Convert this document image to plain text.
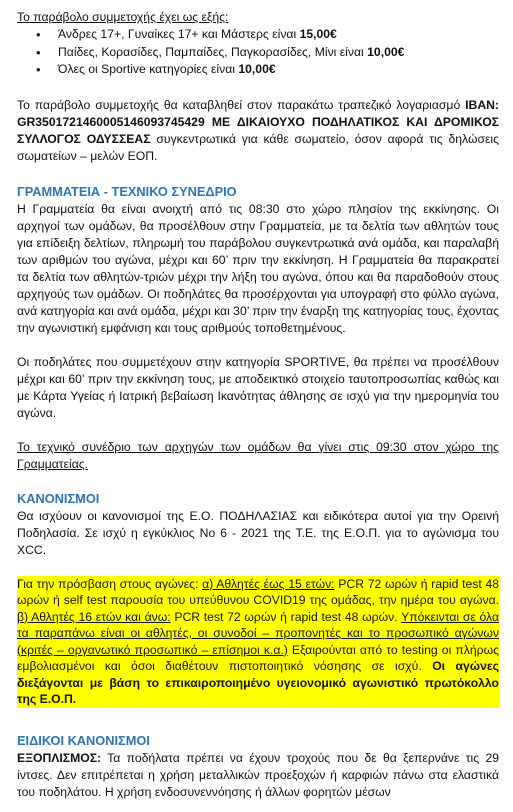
Το παράβολο συμμετοχής έχει ως εξής:

• Άνδρες 17+, Γυναίκες 17+ και Μάστερς είναι 15,00€
• Παίδες, Κορασίδες, Παμπαίδες, Παγκορασίδες, Μίνι είναι 10,00€
• Όλες οι Sportive κατηγορίες είναι 10,00€

Το παράβολο συμμετοχής θα καταβληθεί στον παρακάτω τραπεζικό λογαριασμό IBAN: GR3501721460005146093745429 ΜΕ ΔΙΚΑΙΟΥΧΟ ΠΟΔΗΛΑΤΙΚΟΣ ΚΑΙ ΔΡΟΜΙΚΟΣ ΣΥΛΛΟΓΟΣ ΟΔΥΣΣΕΑΣ συγκεντρωτικά για κάθε σωματείο, όσον αφορά τις δηλώσεις σωματείων – μελών ΕΟΠ.

ΓΡΑΜΜΑΤΕΙΑ - ΤΕΧΝΙΚΟ ΣΥΝΕΔΡΙΟ

Η Γραμματεία θα είναι ανοιχτή από τις 08:30 στο χώρο πλησίον της εκκίνησης. Οι αρχηγοί των ομάδων, θα προσέλθουν στην Γραμματεία, με τα δελτία των αθλητών τους για επίδειξη δελτίων, πληρωμή του παράβολου συγκεντρωτικά ανά ομάδα, και παραλαβή των αριθμών του αγώνα, μέχρι και 60’ πριν την εκκίνηση. Η Γραμματεία θα παρακρατεί τα δελτία των αθλητών-τριών μέχρι την λήξη του αγώνα, όπου και θα παραδοθούν στους αρχηγούς των ομάδων. Οι ποδηλάτες θα προσέρχονται για υπογραφή στο φύλλο αγώνα, ανά κατηγορία και ανά ομάδα, μέχρι και 30’ πριν την έναρξη της κατηγορίας τους, έχοντας την αγωνιστική εμφάνιση και τους αριθμούς τοποθετημένους.

Οι ποδηλάτες που συμμετέχουν στην κατηγορία SPORTIVE, θα πρέπει να προσέλθουν μέχρι και 60’ πριν την εκκίνηση τους, με αποδεικτικό στοιχείο ταυτοπροσωπίας καθώς και με Κάρτα Υγείας ή Ιατρική βεβαίωση Ικανότητας άθλησης σε ισχύ για την ημερομηνία του αγώνα.

Το τεχνικό συνέδριο των αρχηγών των ομάδων θα γίνει στις 09:30 στον χώρο της Γραμματείας.

ΚΑΝΟΝΙΣΜΟΙ

Θα ισχύουν οι κανονισμοί της Ε.Ο. ΠΟΔΗΛΑΣΙΑΣ και ειδικότερα αυτοί για την Ορεινή Ποδηλασία. Σε ισχύ η εγκύκλιος Νο 6 - 2021 της Τ.Ε. της Ε.Ο.Π. για το αγώνισμα του XCC.

Για την πρόσβαση στους αγώνες: α) Αθλητές έως 15 ετών: PCR 72 ωρών ή rapid test 48 ωρών ή self test παρουσία του υπεύθυνου COVID19 της ομάδας, την ημέρα του αγώνα. β) Αθλητές 16 ετών και άνω: PCR test 72 ωρών ή rapid test 48 ωρών. Υπόκεινται σε όλα τα παραπάνω είναι οι αθλητές, οι συνοδοί – προπονητές και το προσωπικό αγώνων (κριτές – οργανωτικό προσωπικό – επίσημοι κ.α.) Εξαιρούνται από το testing οι πλήρως εμβολιασμένοι και όσοι διαθέτουν πιστοποιητικό νόσησης σε ισχύ. Οι αγώνες διεξάγονται με βάση το επικαιροποιημένο υγειονομικό αγωνιστικό πρωτόκολλο της Ε.Ο.Π.

ΕΙΔΙΚΟΙ ΚΑΝΟΝΙΣΜΟΙ

ΕΞΟΠΛΙΣΜΟΣ: Τα ποδήλατα πρέπει να έχουν τροχούς που δε θα ξεπερνάνε τις 29 ίντσες. Δεν επιτρέπεται η χρήση μεταλλικών προεξοχών ή καρφιών πάνω στα ελαστικά του ποδηλάτου. Η χρήση ενδοσυνεννόησης ή άλλων φορητών μέσων
